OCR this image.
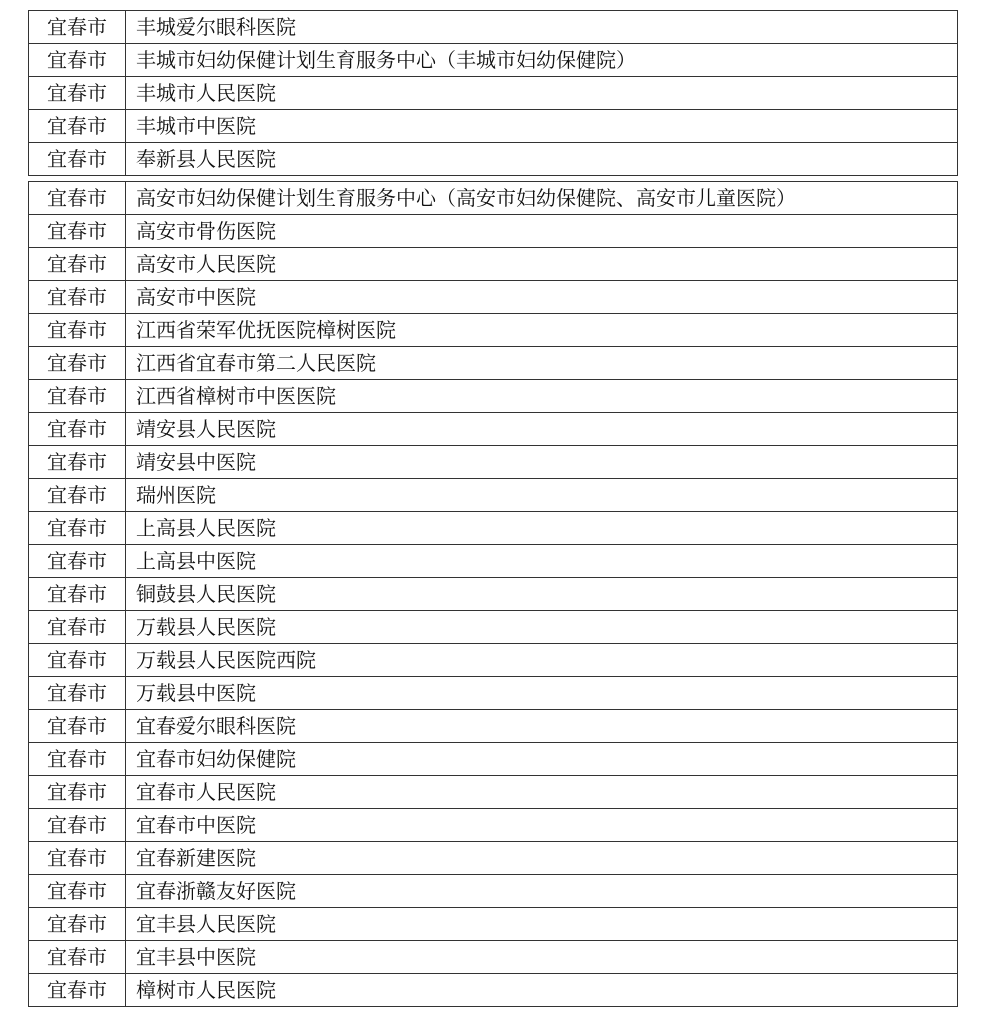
宜春市	丰城爱尔眼科医院
宜春市	丰城市妇幼保健计划生育服务中心（丰城市妇幼保健院）
宜春市	丰城市人民医院
宜春市	丰城市中医院
宜春市	奉新县人民医院
宜春市	高安市妇幼保健计划生育服务中心（高安市妇幼保健院、高安市儿童医院）
宜春市	高安市骨伤医院
宜春市	高安市人民医院
宜春市	高安市中医院
宜春市	江西省荣军优抚医院樟树医院
宜春市	江西省宜春市第二人民医院
宜春市	江西省樟树市中医医院
宜春市	靖安县人民医院
宜春市	靖安县中医院
宜春市	瑞州医院
宜春市	上高县人民医院
宜春市	上高县中医院
宜春市	铜鼓县人民医院
宜春市	万载县人民医院
宜春市	万载县人民医院西院
宜春市	万载县中医院
宜春市	宜春爱尔眼科医院
宜春市	宜春市妇幼保健院
宜春市	宜春市人民医院
宜春市	宜春市中医院
宜春市	宜春新建医院
宜春市	宜春浙赣友好医院
宜春市	宜丰县人民医院
宜春市	宜丰县中医院
宜春市	樟树市人民医院
